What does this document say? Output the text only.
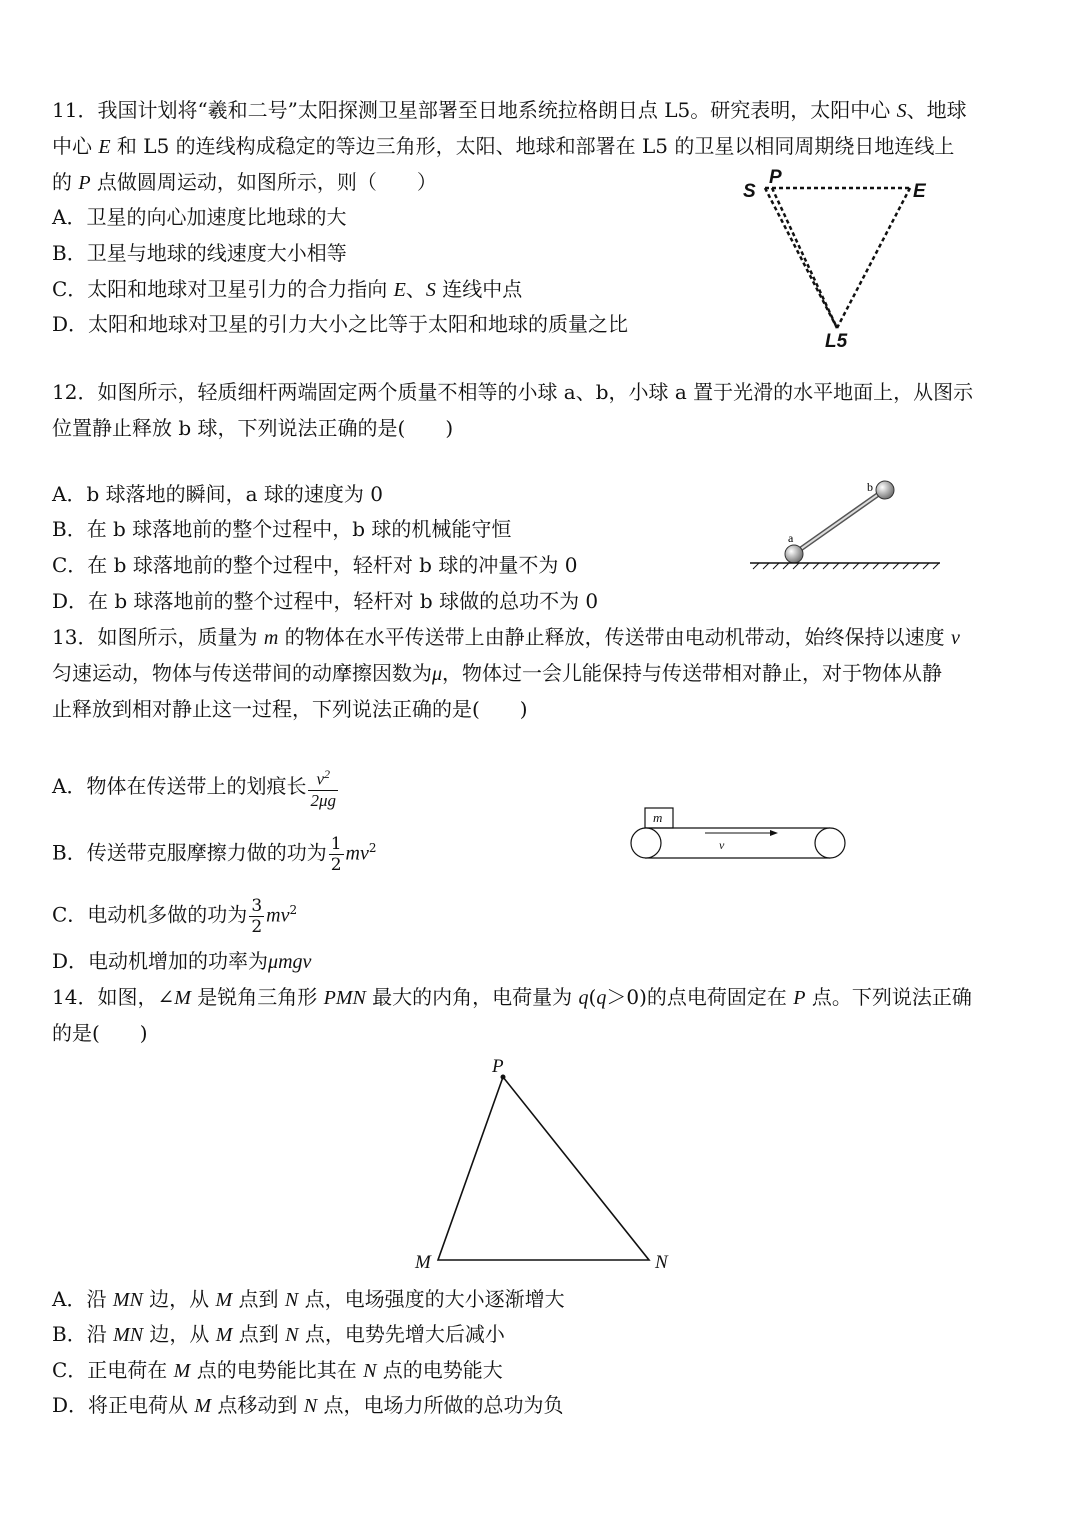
11．我国计划将“羲和二号”太阳探测卫星部署至日地系统拉格朗日点 L5。研究表明，太阳中心 S、地球
中心 E 和 L5 的连线构成稳定的等边三角形，太阳、地球和部署在 L5 的卫星以相同周期绕日地连线上
的 P 点做圆周运动，如图所示，则（　　）
A．卫星的向心加速度比地球的大
B．卫星与地球的线速度大小相等
C．太阳和地球对卫星引力的合力指向 E、S 连线中点
D．太阳和地球对卫星的引力大小之比等于太阳和地球的质量之比
S
P
E
L5
12．如图所示，轻质细杆两端固定两个质量不相等的小球 a、b，小球 a 置于光滑的水平地面上，从图示
位置静止释放 b 球，下列说法正确的是(　　)
A．b 球落地的瞬间，a 球的速度为 0
B．在 b 球落地前的整个过程中，b 球的机械能守恒
C．在 b 球落地前的整个过程中，轻杆对 b 球的冲量不为 0
D．在 b 球落地前的整个过程中，轻杆对 b 球做的总功不为 0
a
b
13．如图所示，质量为 m 的物体在水平传送带上由静止释放，传送带由电动机带动，始终保持以速度 v
匀速运动，物体与传送带间的动摩擦因数为μ，物体过一会儿能保持与传送带相对静止，对于物体从静
止释放到相对静止这一过程，下列说法正确的是(　　)
A．物体在传送带上的划痕长 $\frac{v^2}{2\mu g}$
B．传送带克服摩擦力做的功为 $\frac{1}{2} mv^2$
C．电动机多做的功为 $\frac{3}{2} mv^2$
D．电动机增加的功率为μmgv
m
v
14．如图，∠M 是锐角三角形 PMN 最大的内角，电荷量为 q(q＞0)的点电荷固定在 P 点。下列说法正确
的是(　　)
P
M	N
A．沿 MN 边，从 M 点到 N 点，电场强度的大小逐渐增大
B．沿 MN 边，从 M 点到 N 点，电势先增大后减小
C．正电荷在 M 点的电势能比其在 N 点的电势能大
D．将正电荷从 M 点移动到 N 点，电场力所做的总功为负
